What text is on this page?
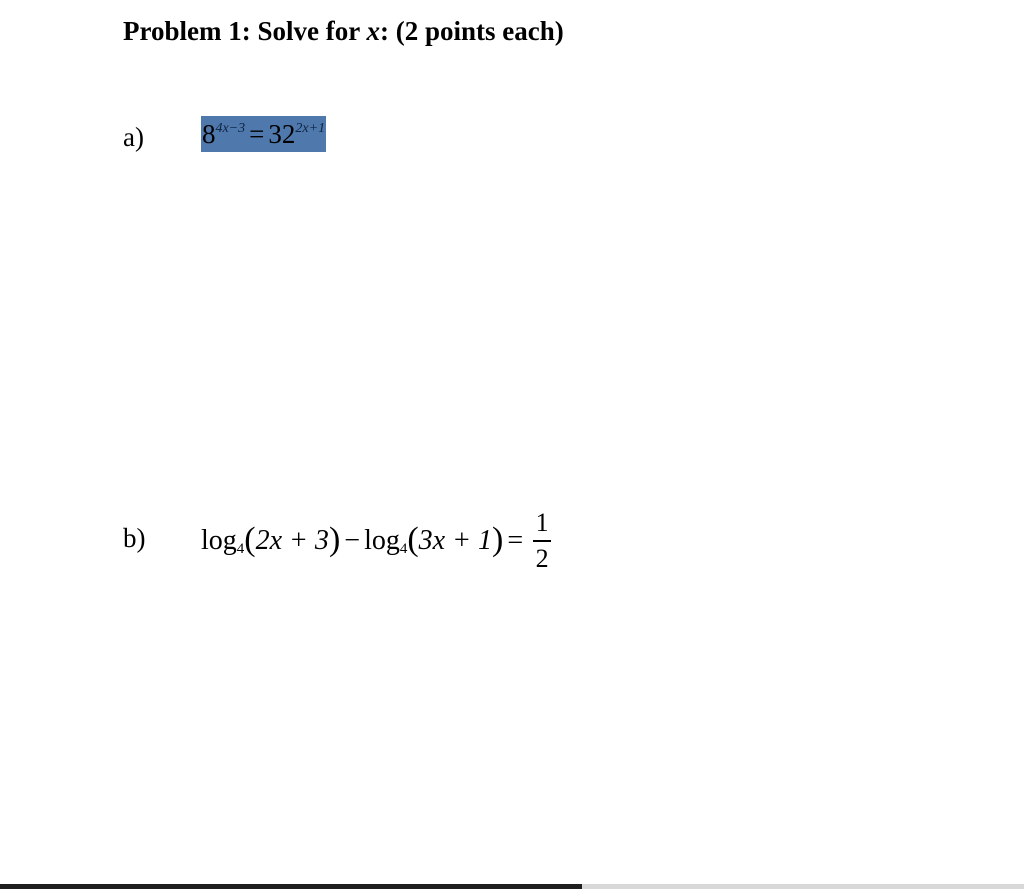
Problem 1: Solve for x: (2 points each)
a) $8^{4x-3} = 32^{2x+1}$
b) $\log_4$ ( 2x + 3 ) − $\log_4$ ( 3x + 1 ) = $\frac{1}{2}$
